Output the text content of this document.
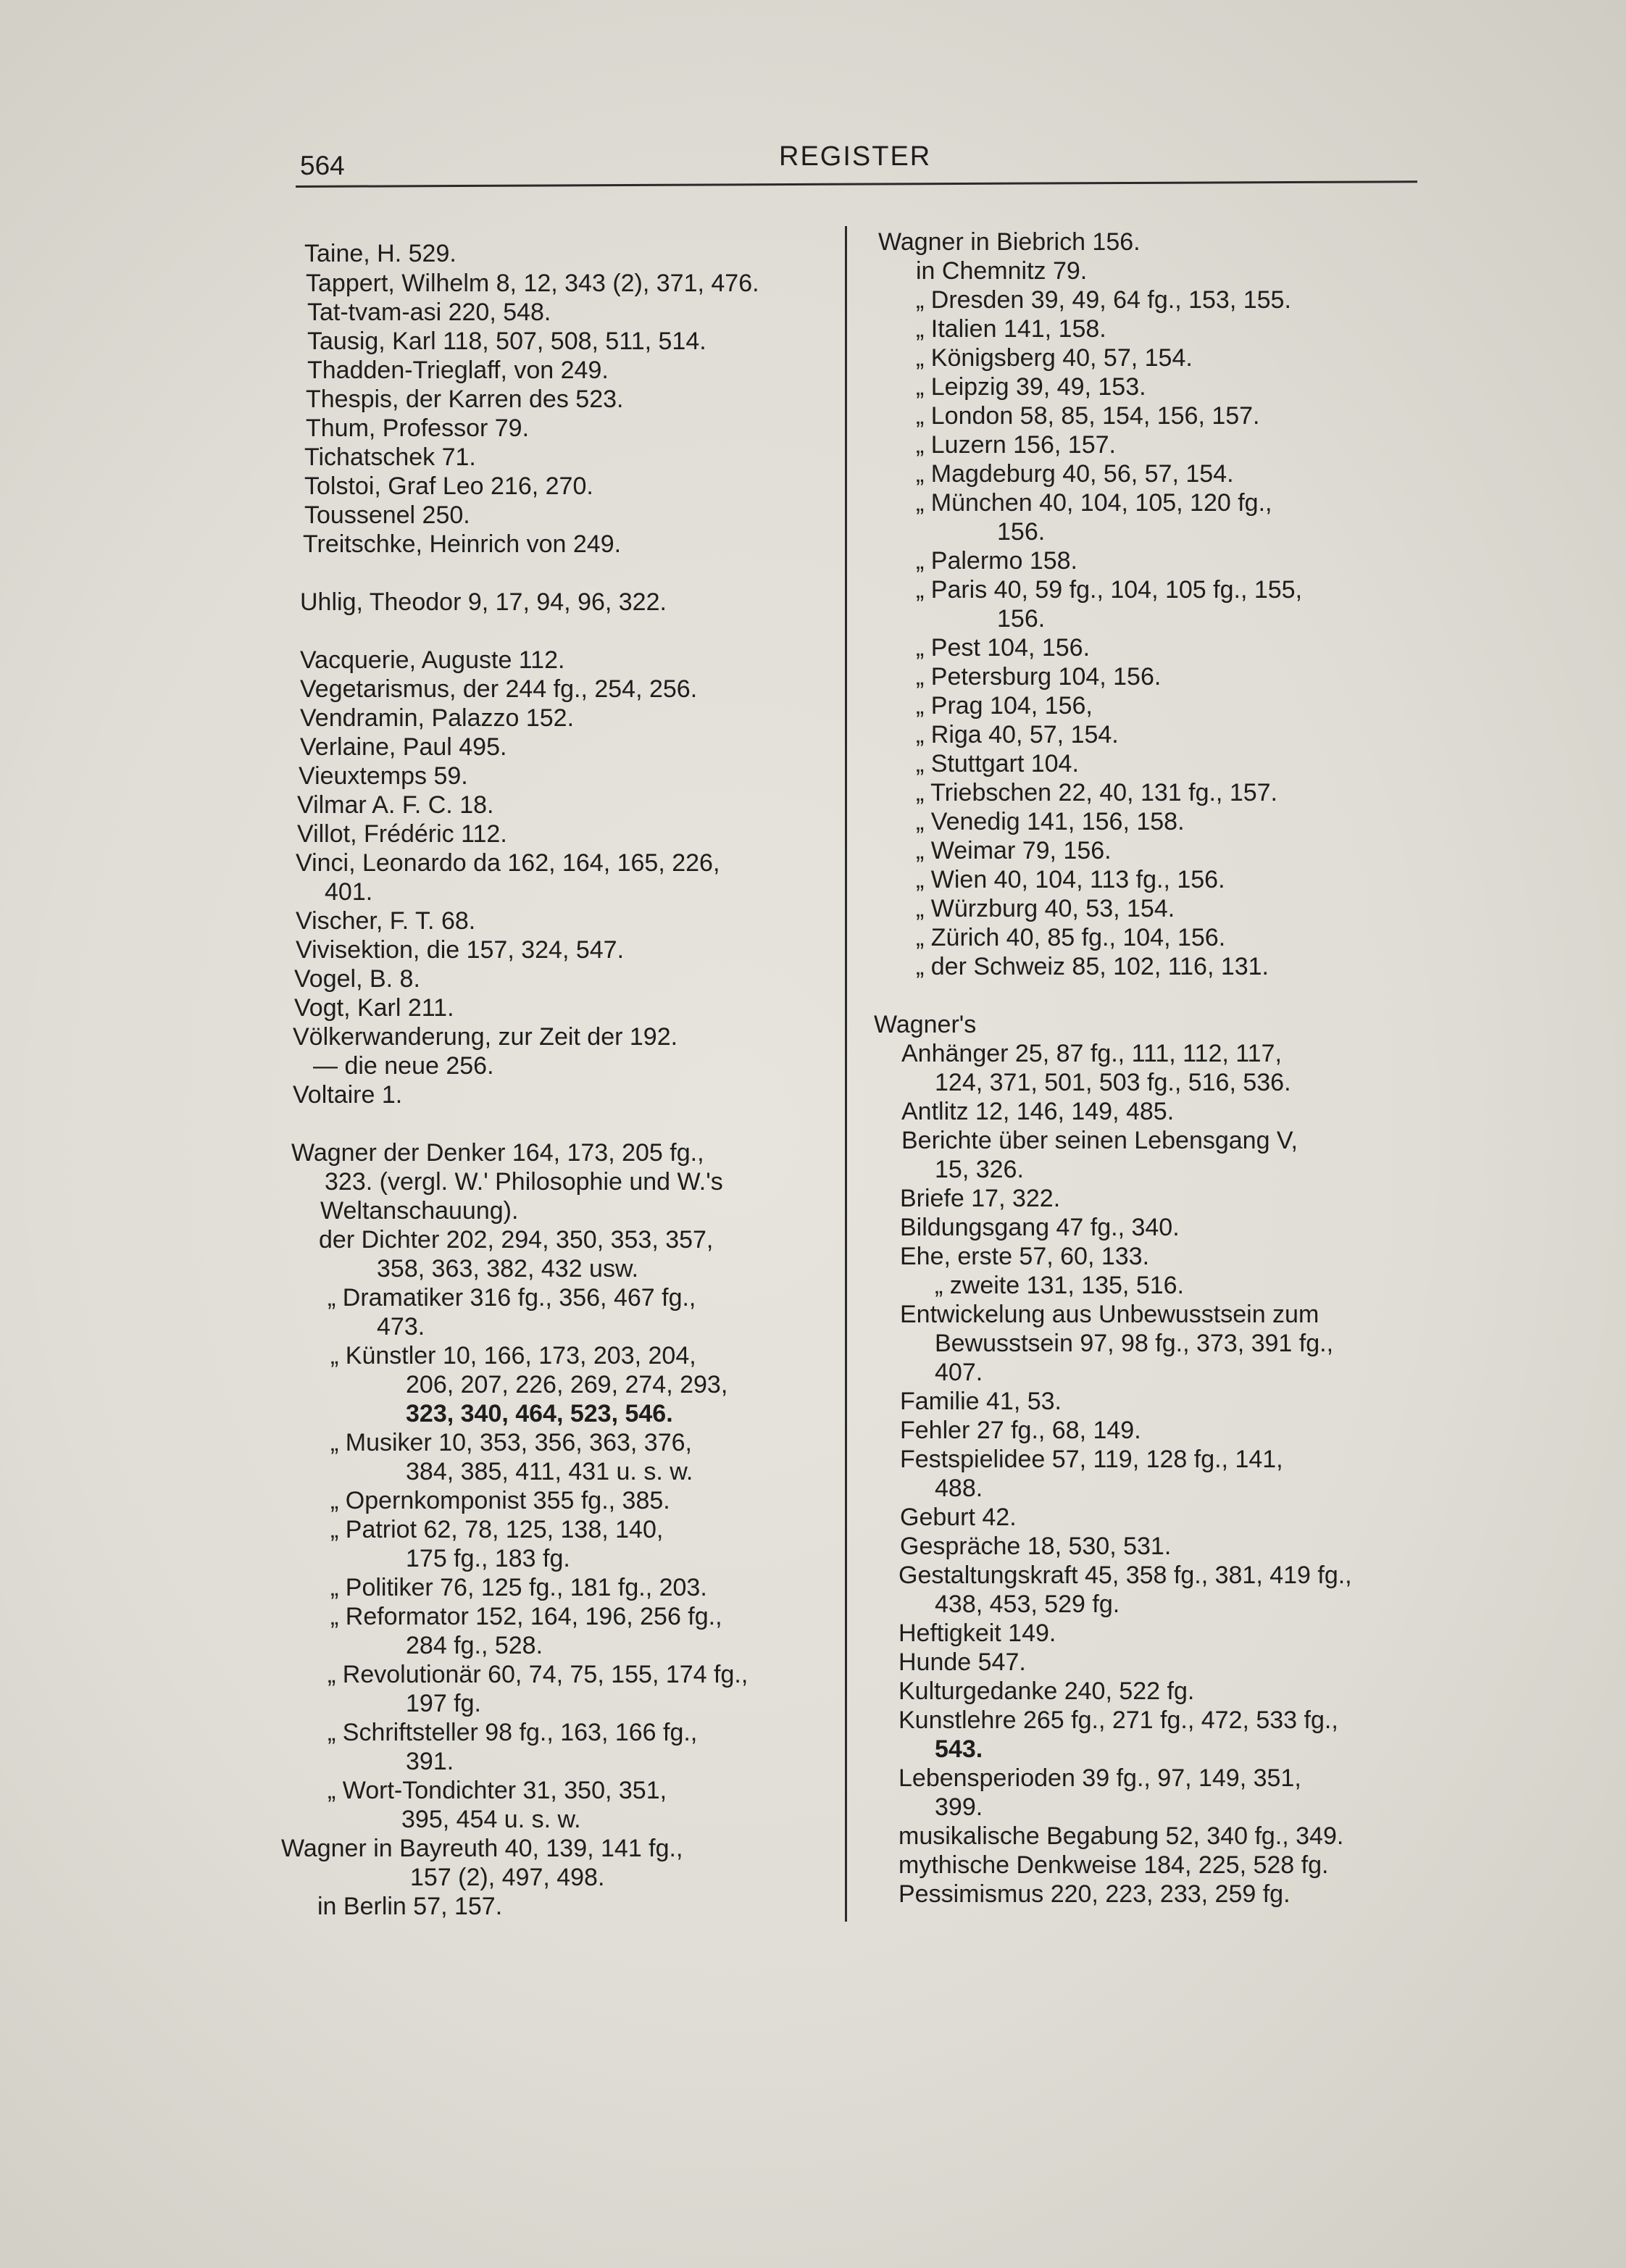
564	REGISTER
Taine, H. 529.
Tappert, Wilhelm 8, 12, 343 (2), 371, 476.
Tat-tvam-asi 220, 548.
Tausig, Karl 118, 507, 508, 511, 514.
Thadden-Trieglaff, von 249.
Thespis, der Karren des 523.
Thum, Professor 79.
Tichatschek 71.
Tolstoi, Graf Leo 216, 270.
Toussenel 250.
Treitschke, Heinrich von 249.
Uhlig, Theodor 9, 17, 94, 96, 322.
Vacquerie, Auguste 112.
Vegetarismus, der 244 fg., 254, 256.
Vendramin, Palazzo 152.
Verlaine, Paul 495.
Vieuxtemps 59.
Vilmar A. F. C. 18.
Villot, Frédéric 112.
Vinci, Leonardo da 162, 164, 165, 226,
401.
Vischer, F. T. 68.
Vivisektion, die 157, 324, 547.
Vogel, B. 8.
Vogt, Karl 211.
Völkerwanderung, zur Zeit der 192.
— die neue 256.
Voltaire 1.
Wagner der Denker 164, 173, 205 fg.,
323. (vergl. W.' Philosophie und W.'s
Weltanschauung).
der Dichter 202, 294, 350, 353, 357,
358, 363, 382, 432 usw.
„ Dramatiker 316 fg., 356, 467 fg.,
473.
„ Künstler 10, 166, 173, 203, 204,
206, 207, 226, 269, 274, 293,
323, 340, 464, 523, 546.
„ Musiker 10, 353, 356, 363, 376,
384, 385, 411, 431 u. s. w.
„ Opernkomponist 355 fg., 385.
„ Patriot 62, 78, 125, 138, 140,
175 fg., 183 fg.
„ Politiker 76, 125 fg., 181 fg., 203.
„ Reformator 152, 164, 196, 256 fg.,
284 fg., 528.
„ Revolutionär 60, 74, 75, 155, 174 fg.,
197 fg.
„ Schriftsteller 98 fg., 163, 166 fg.,
391.
„ Wort-Tondichter 31, 350, 351,
395, 454 u. s. w.
Wagner in Bayreuth 40, 139, 141 fg.,
157 (2), 497, 498.
in Berlin 57, 157.
Wagner in Biebrich 156.
in Chemnitz 79.
„ Dresden 39, 49, 64 fg., 153, 155.
„ Italien 141, 158.
„ Königsberg 40, 57, 154.
„ Leipzig 39, 49, 153.
„ London 58, 85, 154, 156, 157.
„ Luzern 156, 157.
„ Magdeburg 40, 56, 57, 154.
„ München 40, 104, 105, 120 fg.,
156.
„ Palermo 158.
„ Paris 40, 59 fg., 104, 105 fg., 155,
156.
„ Pest 104, 156.
„ Petersburg 104, 156.
„ Prag 104, 156,
„ Riga 40, 57, 154.
„ Stuttgart 104.
„ Triebschen 22, 40, 131 fg., 157.
„ Venedig 141, 156, 158.
„ Weimar 79, 156.
„ Wien 40, 104, 113 fg., 156.
„ Würzburg 40, 53, 154.
„ Zürich 40, 85 fg., 104, 156.
„ der Schweiz 85, 102, 116, 131.
Wagner's
Anhänger 25, 87 fg., 111, 112, 117,
124, 371, 501, 503 fg., 516, 536.
Antlitz 12, 146, 149, 485.
Berichte über seinen Lebensgang V,
15, 326.
Briefe 17, 322.
Bildungsgang 47 fg., 340.
Ehe, erste 57, 60, 133.
„ zweite 131, 135, 516.
Entwickelung aus Unbewusstsein zum
Bewusstsein 97, 98 fg., 373, 391 fg.,
407.
Familie 41, 53.
Fehler 27 fg., 68, 149.
Festspielidee 57, 119, 128 fg., 141,
488.
Geburt 42.
Gespräche 18, 530, 531.
Gestaltungskraft 45, 358 fg., 381, 419 fg.,
438, 453, 529 fg.
Heftigkeit 149.
Hunde 547.
Kulturgedanke 240, 522 fg.
Kunstlehre 265 fg., 271 fg., 472, 533 fg.,
543.
Lebensperioden 39 fg., 97, 149, 351,
399.
musikalische Begabung 52, 340 fg., 349.
mythische Denkweise 184, 225, 528 fg.
Pessimismus 220, 223, 233, 259 fg.
